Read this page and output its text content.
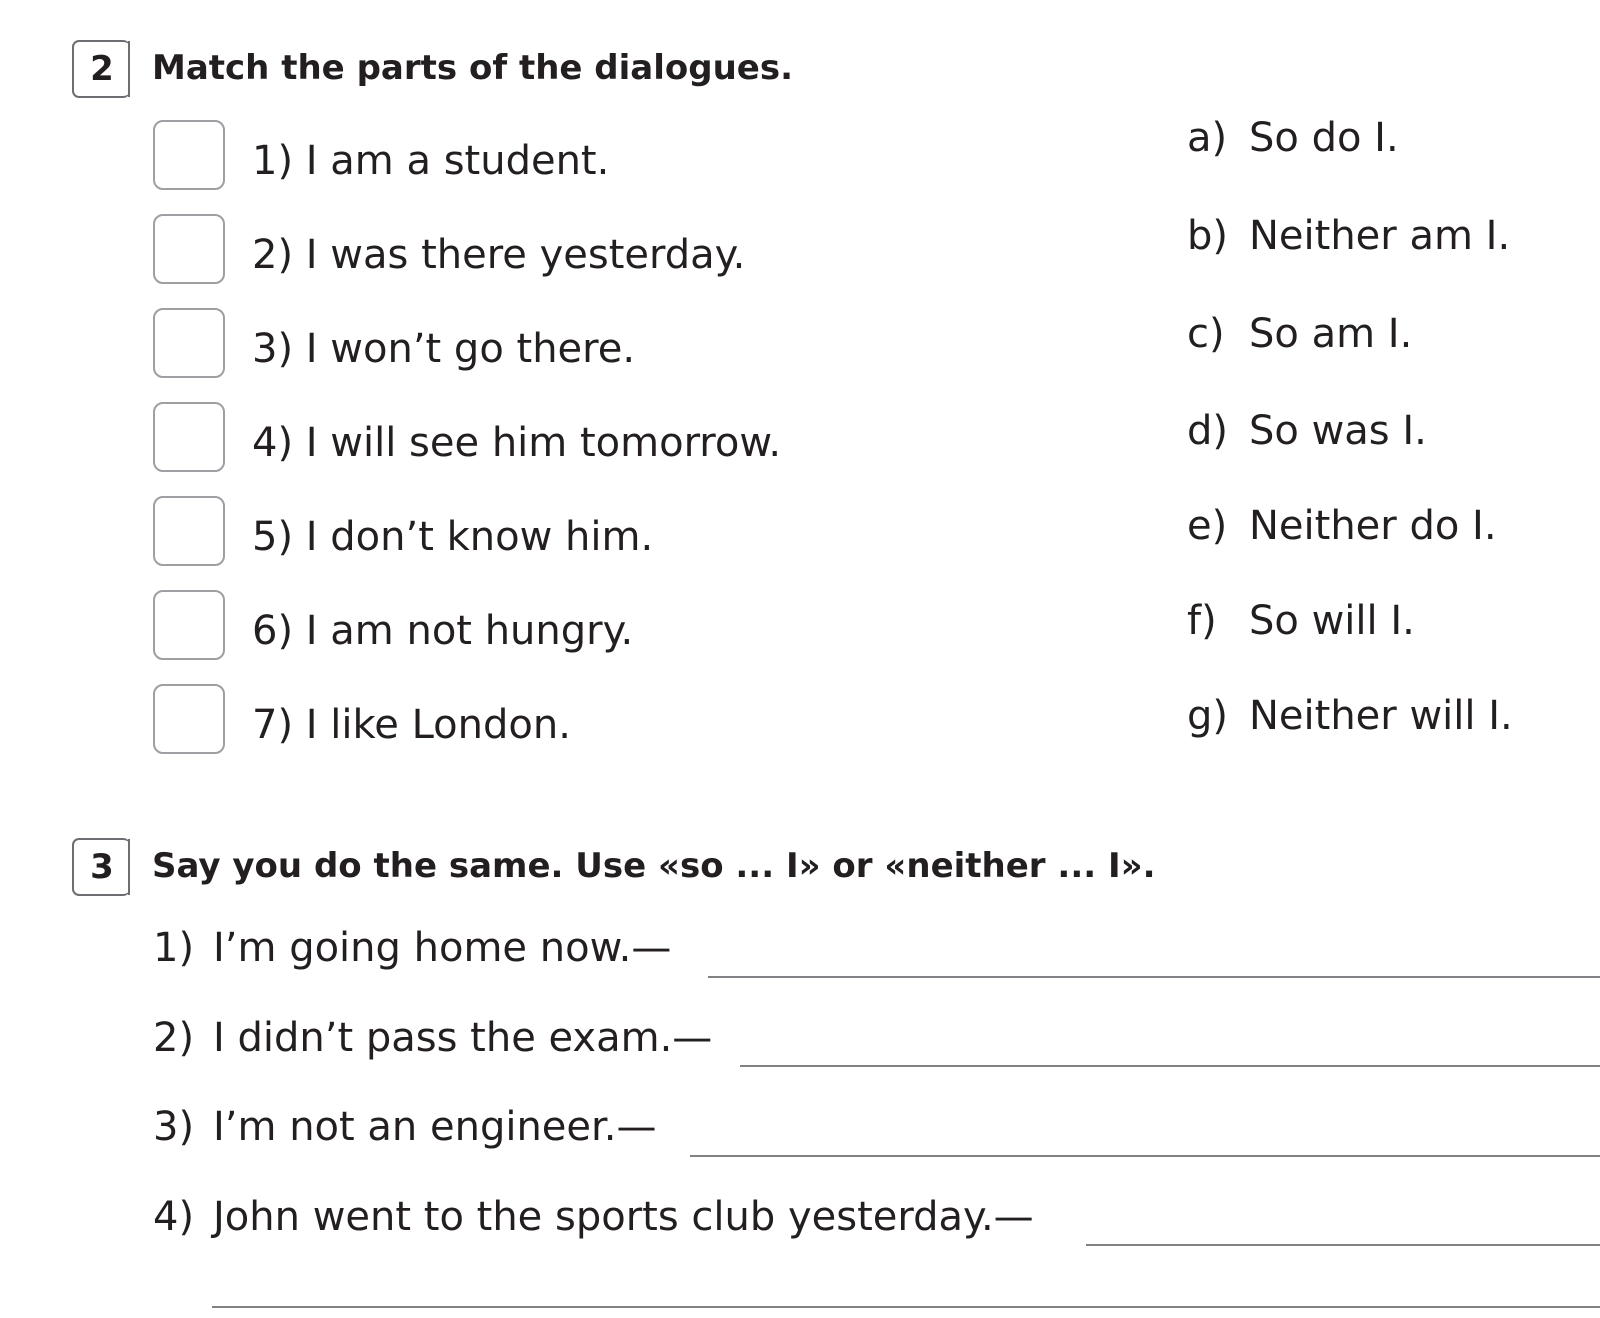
2 Match the parts of the dialogues.
1) I am a student.
2) I was there yesterday.
3) I won’t go there.
4) I will see him tomorrow.
5) I don’t know him.
6) I am not hungry.
7) I like London.
a) So do I.
b) Neither am I.
c) So am I.
d) So was I.
e) Neither do I.
f) So will I.
g) Neither will I.
3 Say you do the same. Use «so ... I» or «neither ... I».
1) I’m going home now.—
2) I didn’t pass the exam.—
3) I’m not an engineer.—
4) John went to the sports club yesterday.—
